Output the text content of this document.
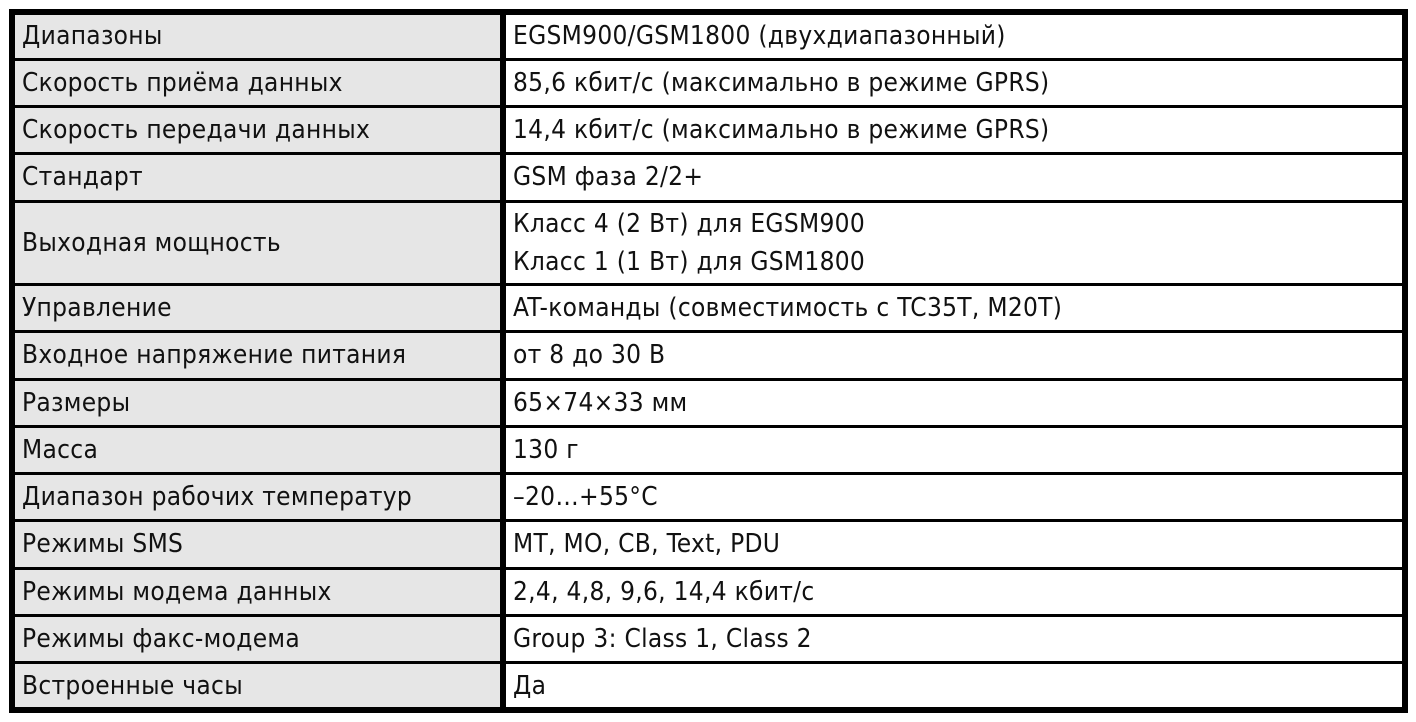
Диапазоны	EGSM900/GSM1800 (двухдиапазонный)

Скорость приёма данных	85,6 кбит/с (максимально в режиме GPRS)

Скорость передачи данных	14,4 кбит/с (максимально в режиме GPRS)

Стандарт	GSM фаза 2/2+

Выходная мощность	Класс 4 (2 Вт) для EGSM900
Класс 1 (1 Вт) для GSM1800

Управление	AT-команды (совместимость с TC35T, M20T)

Входное напряжение питания	от 8 до 30 В

Размеры	65×74×33 мм

Масса	130 г

Диапазон рабочих температур	–20…+55°C

Режимы SMS	MT, MO, CB, Text, PDU

Режимы модема данных	2,4, 4,8, 9,6, 14,4 кбит/с

Режимы факс-модема	Group 3: Class 1, Class 2

Встроенные часы	Да
